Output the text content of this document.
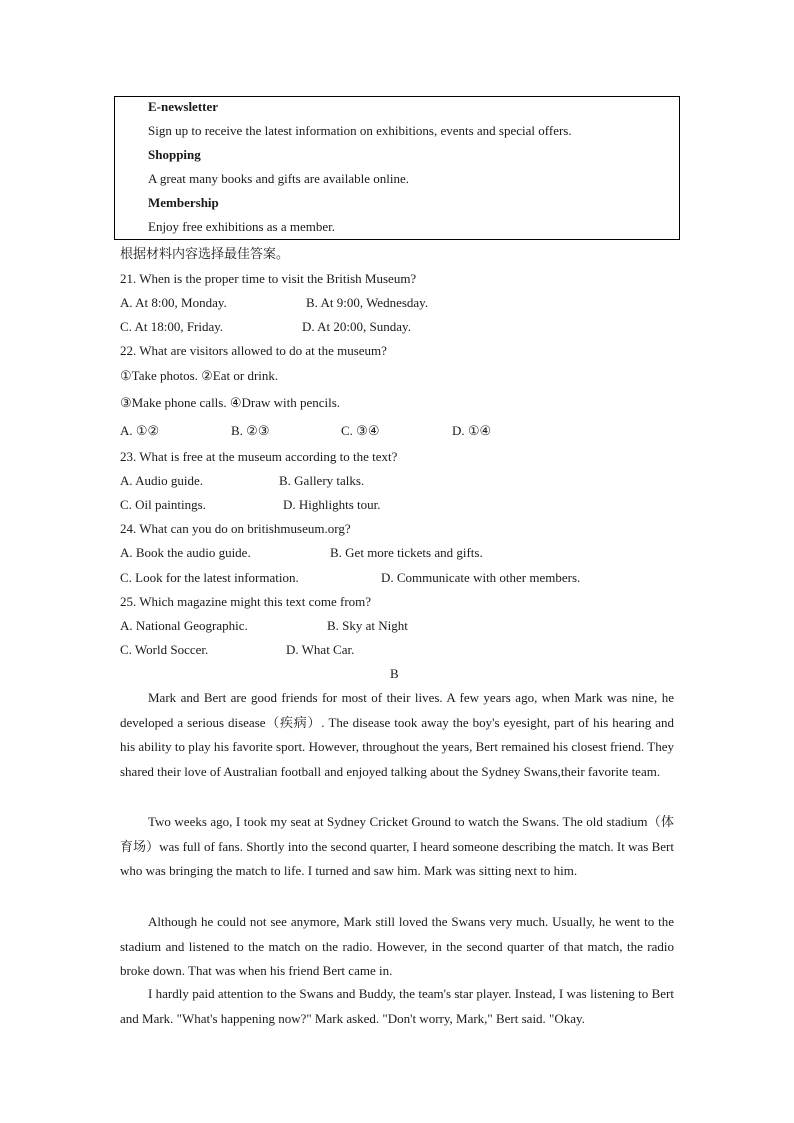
E-newsletter
Sign up to receive the latest information on exhibitions, events and special offers.
Shopping
A great many books and gifts are available online.
Membership
Enjoy free exhibitions as a member.
根据材料内容选择最佳答案。
21. When is the proper time to visit the British Museum?
A. At 8:00, Monday.	B. At 9:00, Wednesday.
C. At 18:00, Friday.	D. At 20:00, Sunday.
22. What are visitors allowed to do at the museum?
①Take photos. ②Eat or drink.
③Make phone calls. ④Draw with pencils.
A. ①②	B. ②③	C. ③④	D. ①④
23. What is free at the museum according to the text?
A. Audio guide.	B. Gallery talks.
C. Oil paintings.	D. Highlights tour.
24. What can you do on britishmuseum.org?
A. Book the audio guide.	B. Get more tickets and gifts.
C. Look for the latest information.	D. Communicate with other members.
25. Which magazine might this text come from?
A. National Geographic.	B. Sky at Night
C. World Soccer.	D. What Car.
B

Mark and Bert are good friends for most of their lives. A few years ago, when Mark was nine, he developed a serious disease（疾病）. The disease took away the boy's eyesight, part of his hearing and his ability to play his favorite sport. However, throughout the years, Bert remained his closest friend. They shared their love of Australian football and enjoyed talking about the Sydney Swans,their favorite team.

Two weeks ago, I took my seat at Sydney Cricket Ground to watch the Swans. The old stadium（体育场）was full of fans. Shortly into the second quarter, I heard someone describing the match. It was Bert who was bringing the match to life. I turned and saw him. Mark was sitting next to him.

Although he could not see anymore, Mark still loved the Swans very much. Usually, he went to the stadium and listened to the match on the radio. However, in the second quarter of that match, the radio broke down. That was when his friend Bert came in.

I hardly paid attention to the Swans and Buddy, the team's star player. Instead, I was listening to Bert and Mark. "What's happening now?" Mark asked. "Don't worry, Mark," Bert said. "Okay.
